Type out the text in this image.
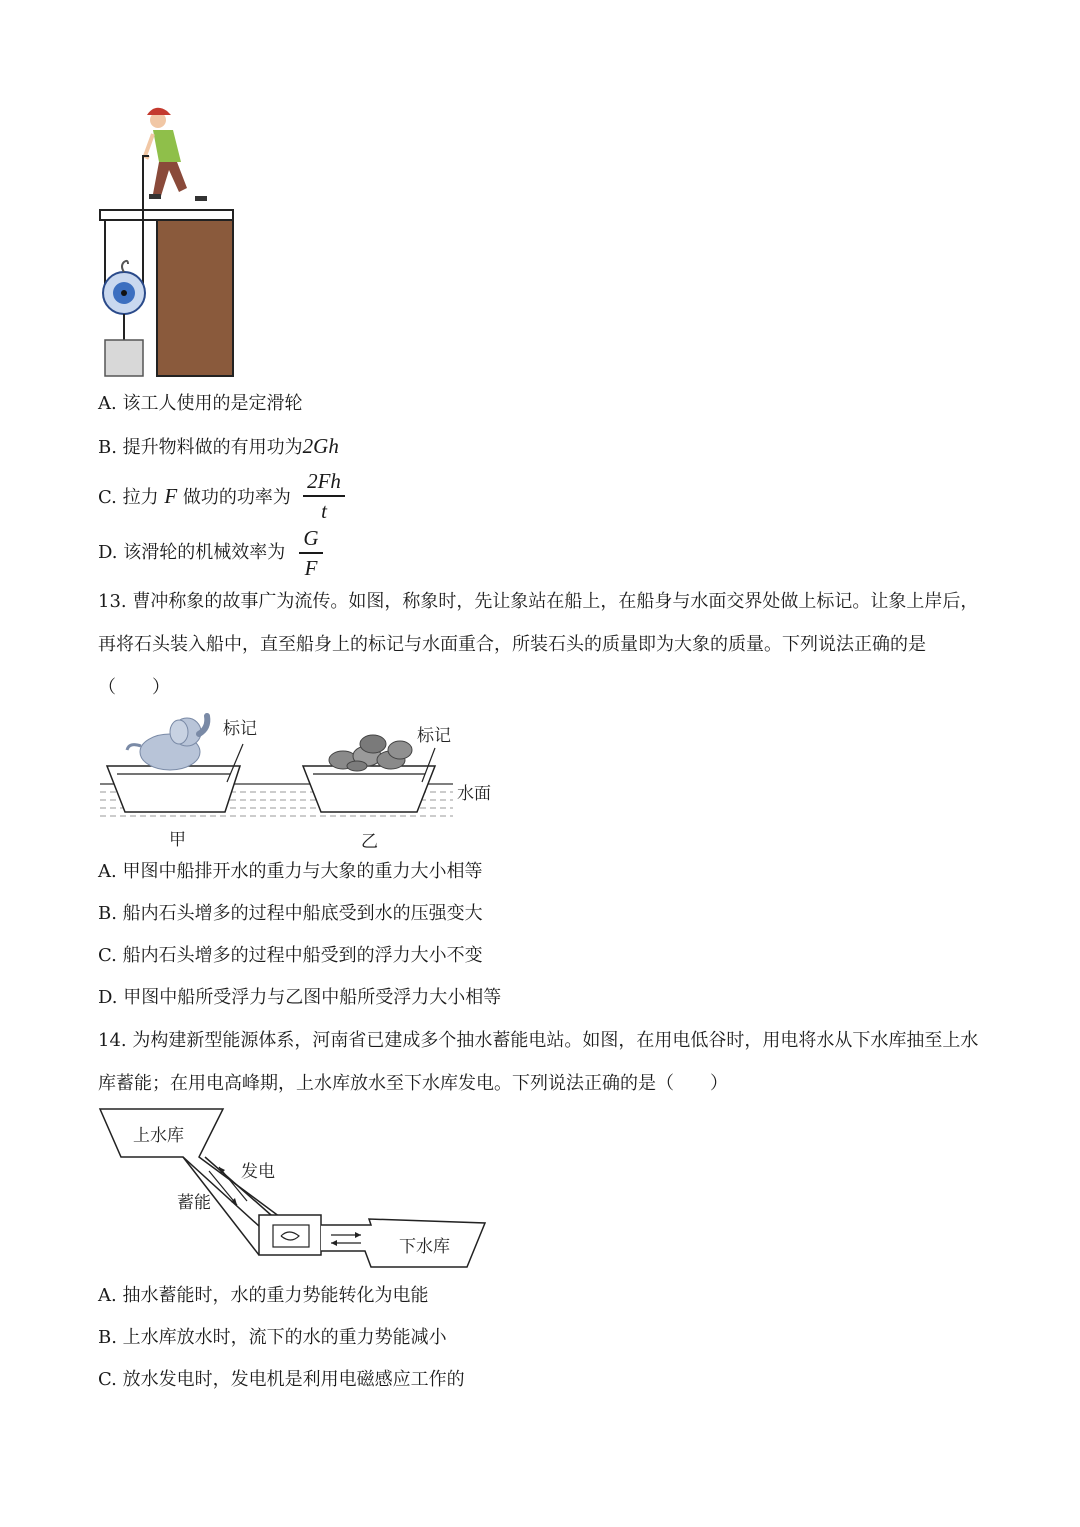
A. 该工人使用的是定滑轮
B. 提升物料做的有用功为2Gh
C. 拉力 F 做功的功率为
2Fh
t
D. 该滑轮的机械效率为
G
F
13. 曹冲称象的故事广为流传。如图，称象时，先让象站在船上，在船身与水面交界处做上标记。让象上岸后，再将石头装入船中，直至船身上的标记与水面重合，所装石头的质量即为大象的质量。下列说法正确的是（　　）
标记	标记
水面
甲	乙
A. 甲图中船排开水的重力与大象的重力大小相等
B. 船内石头增多的过程中船底受到水的压强变大
C. 船内石头增多的过程中船受到的浮力大小不变
D. 甲图中船所受浮力与乙图中船所受浮力大小相等
14. 为构建新型能源体系，河南省已建成多个抽水蓄能电站。如图，在用电低谷时，用电将水从下水库抽至上水库蓄能；在用电高峰期，上水库放水至下水库发电。下列说法正确的是（　　）
上水库
发电
蓄能
下水库
A. 抽水蓄能时，水的重力势能转化为电能
B. 上水库放水时，流下的水的重力势能减小
C. 放水发电时，发电机是利用电磁感应工作的
